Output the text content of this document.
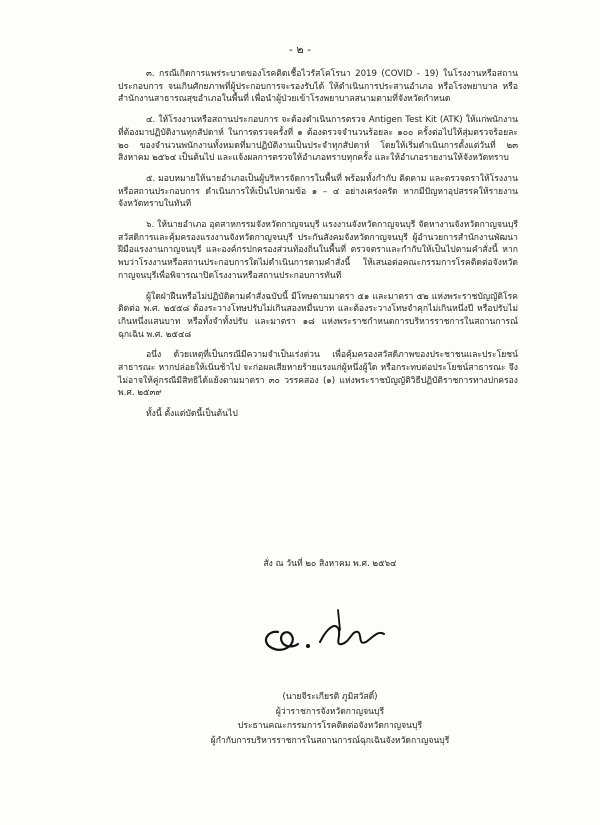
- ๒ -

๓. กรณีเกิดการแพร่ระบาดของโรคติดเชื้อไวรัสโคโรนา 2019 (COVID - 19) ในโรงงานหรือสถานประกอบการ จนเกินศักยภาพที่ผู้ประกอบการจะรองรับได้ ให้ดำเนินการประสานอำเภอ หรือโรงพยาบาล หรือสำนักงานสาธารณสุขอำเภอในพื้นที่ เพื่อนำผู้ป่วยเข้าโรงพยาบาลสนามตามที่จังหวัดกำหนด

๔. ให้โรงงานหรือสถานประกอบการ จะต้องดำเนินการตรวจ Antigen Test Kit (ATK) ให้แก่พนักงานที่ต้องมาปฏิบัติงานทุกสัปดาห์ ในการตรวจครั้งที่ ๑ ต้องตรวจจำนวนร้อยละ ๑๐๐ ครั้งต่อไปให้สุ่มตรวจร้อยละ ๒๐ ของจำนวนพนักงานทั้งหมดที่มาปฏิบัติงานเป็นประจำทุกสัปดาห์ โดยให้เริ่มดำเนินการตั้งแต่วันที่ ๒๓ สิงหาคม ๒๕๖๔ เป็นต้นไป และแจ้งผลการตรวจให้อำเภอทราบทุกครั้ง และให้อำเภอรายงานให้จังหวัดทราบ

๕. มอบหมายให้นายอำเภอเป็นผู้บริหารจัดการในพื้นที่ พร้อมทั้งกำกับ ติดตาม และตรวจตราให้โรงงานหรือสถานประกอบการ ดำเนินการให้เป็นไปตามข้อ ๑ – ๔ อย่างเคร่งครัด หากมีปัญหาอุปสรรคให้รายงานจังหวัดทราบในทันที

๖. ให้นายอำเภอ อุตสาหกรรมจังหวัดกาญจนบุรี แรงงานจังหวัดกาญจนบุรี จัดหางานจังหวัดกาญจนบุรี สวัสดิการและคุ้มครองแรงงานจังหวัดกาญจนบุรี ประกันสังคมจังหวัดกาญจนบุรี ผู้อำนวยการสำนักงานพัฒนาฝีมือแรงงานกาญจนบุรี และองค์กรปกครองส่วนท้องถิ่นในพื้นที่ ตรวจตราและกำกับให้เป็นไปตามคำสั่งนี้ หากพบว่าโรงงานหรือสถานประกอบการใดไม่ดำเนินการตามคำสั่งนี้ ให้เสนอต่อคณะกรรมการโรคติดต่อจังหวัดกาญจนบุรีเพื่อพิจารณาปิดโรงงานหรือสถานประกอบการทันที

ผู้ใดฝ่าฝืนหรือไม่ปฏิบัติตามคำสั่งฉบับนี้ มีโทษตามมาตรา ๕๑ และมาตรา ๕๒ แห่งพระราชบัญญัติโรคติดต่อ พ.ศ. ๒๕๕๘ ต้องระวางโทษปรับไม่เกินสองหมื่นบาท และต้องระวางโทษจำคุกไม่เกินหนึ่งปี หรือปรับไม่เกินหนึ่งแสนบาท หรือทั้งจำทั้งปรับ และมาตรา ๑๘ แห่งพระราชกำหนดการบริหารราชการในสถานการณ์ฉุกเฉิน พ.ศ. ๒๕๔๘

อนึ่ง ด้วยเหตุที่เป็นกรณีมีความจำเป็นเร่งด่วน เพื่อคุ้มครองสวัสดิภาพของประชาชนและประโยชน์สาธารณะ หากปล่อยให้เนิ่นช้าไป จะก่อผลเสียหายร้ายแรงแก่ผู้หนึ่งผู้ใด หรือกระทบต่อประโยชน์สาธารณะ จึงไม่อาจให้คู่กรณีมีสิทธิได้แย้งตามมาตรา ๓๐ วรรคสอง (๑) แห่งพระราชบัญญัติวิธีปฏิบัติราชการทางปกครอง พ.ศ. ๒๕๓๙

ทั้งนี้ ตั้งแต่บัดนี้เป็นต้นไป

สั่ง ณ วันที่ ๒๐ สิงหาคม พ.ศ. ๒๕๖๔
(นายจีระเกียรติ ภูมิสวัสดิ์)
ผู้ว่าราชการจังหวัดกาญจนบุรี
ประธานคณะกรรมการโรคติดต่อจังหวัดกาญจนบุรี
ผู้กำกับการบริหารราชการในสถานการณ์ฉุกเฉินจังหวัดกาญจนบุรี
